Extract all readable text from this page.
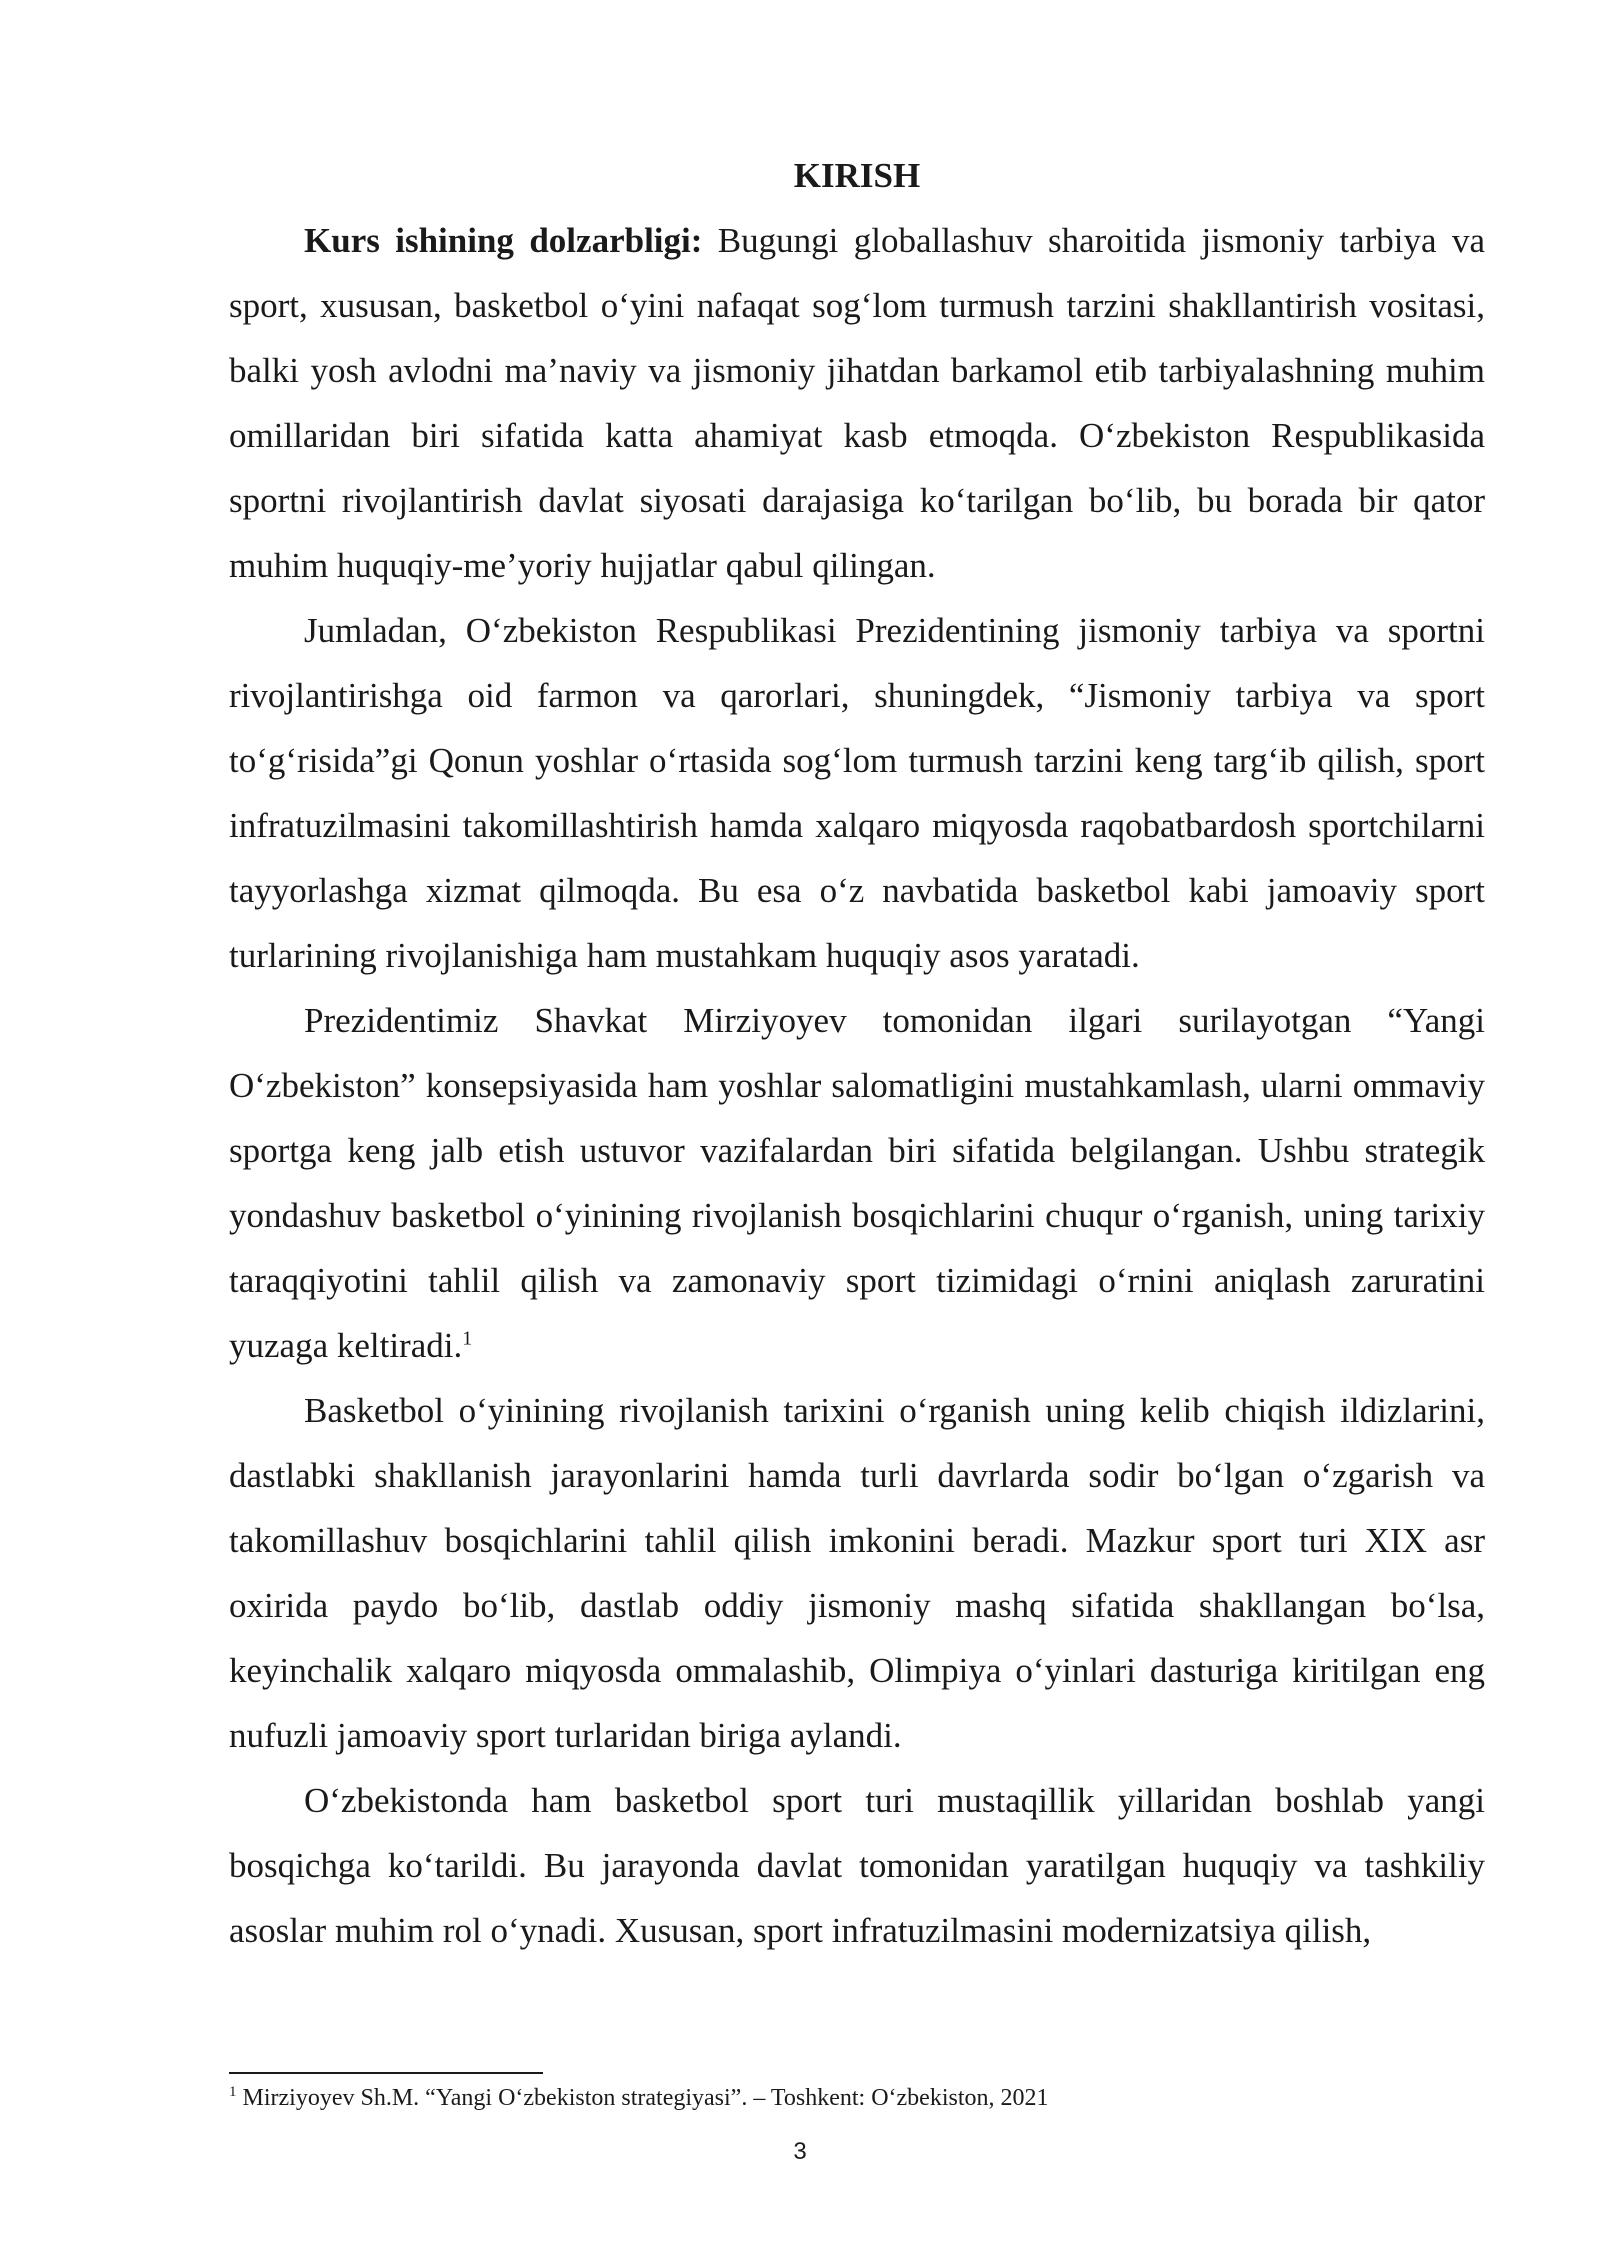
KIRISH

Kurs ishining dolzarbligi: Bugungi globallashuv sharoitida jismoniy tarbiya va sport, xususan, basketbol o‘yini nafaqat sog‘lom turmush tarzini shakllantirish vositasi, balki yosh avlodni ma’naviy va jismoniy jihatdan barkamol etib tarbiyalashning muhim omillaridan biri sifatida katta ahamiyat kasb etmoqda. O‘zbekiston Respublikasida sportni rivojlantirish davlat siyosati darajasiga ko‘tarilgan bo‘lib, bu borada bir qator muhim huquqiy-me’yoriy hujjatlar qabul qilingan.

Jumladan, O‘zbekiston Respublikasi Prezidentining jismoniy tarbiya va sportni rivojlantirishga oid farmon va qarorlari, shuningdek, “Jismoniy tarbiya va sport to‘g‘risida”gi Qonun yoshlar o‘rtasida sog‘lom turmush tarzini keng targ‘ib qilish, sport infratuzilmasini takomillashtirish hamda xalqaro miqyosda raqobatbardosh sportchilarni tayyorlashga xizmat qilmoqda. Bu esa o‘z navbatida basketbol kabi jamoaviy sport turlarining rivojlanishiga ham mustahkam huquqiy asos yaratadi.

Prezidentimiz Shavkat Mirziyoyev tomonidan ilgari surilayotgan “Yangi O‘zbekiston” konsepsiyasida ham yoshlar salomatligini mustahkamlash, ularni ommaviy sportga keng jalb etish ustuvor vazifalardan biri sifatida belgilangan. Ushbu strategik yondashuv basketbol o‘yinining rivojlanish bosqichlarini chuqur o‘rganish, uning tarixiy taraqqiyotini tahlil qilish va zamonaviy sport tizimidagi o‘rnini aniqlash zaruratini yuzaga keltiradi.$^1$

Basketbol o‘yinining rivojlanish tarixini o‘rganish uning kelib chiqish ildizlarini, dastlabki shakllanish jarayonlarini hamda turli davrlarda sodir bo‘lgan o‘zgarish va takomillashuv bosqichlarini tahlil qilish imkonini beradi. Mazkur sport turi XIX asr oxirida paydo bo‘lib, dastlab oddiy jismoniy mashq sifatida shakllangan bo‘lsa, keyinchalik xalqaro miqyosda ommalashib, Olimpiya o‘yinlari dasturiga kiritilgan eng nufuzli jamoaviy sport turlaridan biriga aylandi.

O‘zbekistonda ham basketbol sport turi mustaqillik yillaridan boshlab yangi bosqichga ko‘tarildi. Bu jarayonda davlat tomonidan yaratilgan huquqiy va tashkiliy asoslar muhim rol o‘ynadi. Xususan, sport infratuzilmasini modernizatsiya qilish,

$^1$ Mirziyoyev Sh.M. “Yangi O‘zbekiston strategiyasi”. – Toshkent: O‘zbekiston, 2021

3
